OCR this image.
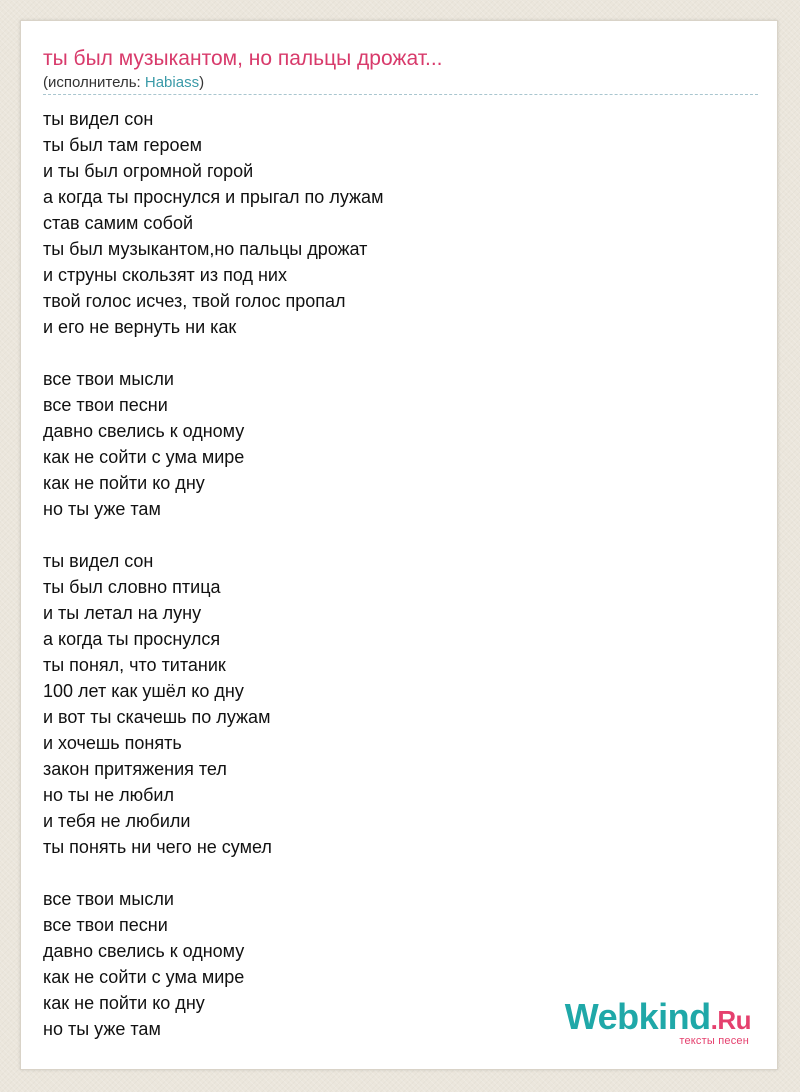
ты был музыкантом, но пальцы дрожат...
(исполнитель: Habiass)
ты видел сон
ты был там героем
и ты был огромной горой
а когда ты проснулся и прыгал по лужам
став самим собой
ты был музыкантом,но пальцы дрожат
и струны скользят из под них
твой голос исчез, твой голос пропал
и его не вернуть ни как
все твои мысли
все твои песни
давно свелись к одному
как не сойти с ума мире
как не пойти ко дну
но ты уже там
ты видел сон
ты был словно птица
и ты летал на луну
а когда ты проснулся
ты понял, что титаник
100 лет как ушёл ко дну
и вот ты скачешь по лужам
и хочешь понять
закон притяжения тел
но ты не любил
и тебя не любили
ты понять ни чего не сумел
все твои мысли
все твои песни
давно свелись к одному
как не сойти с ума мире
как не пойти ко дну
но ты уже там	Webkind.Ru
тексты песен
